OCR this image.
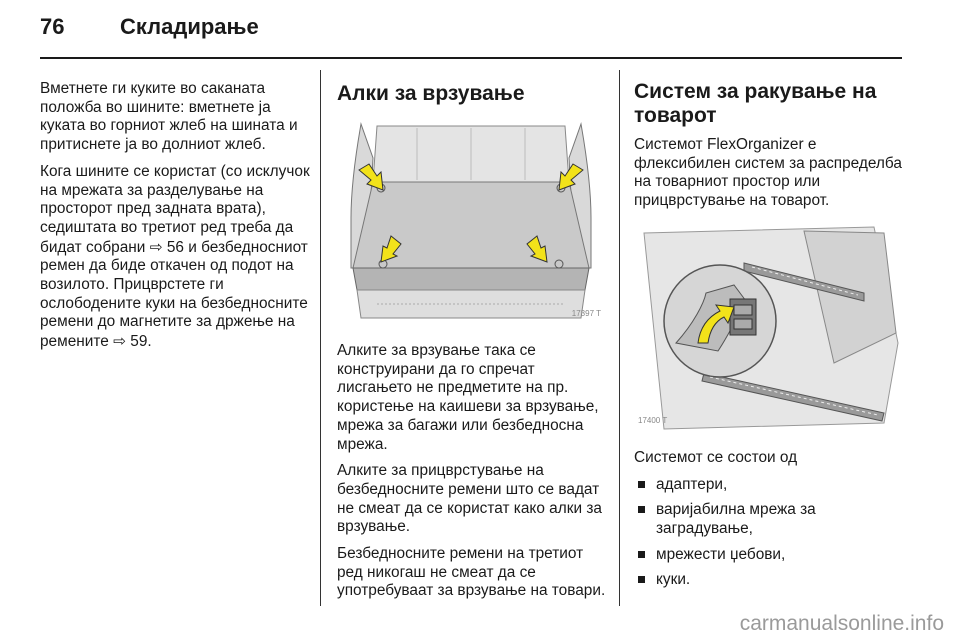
76	Складирање

Вметнете ги куките во саканата положба во шините: вметнете ја куката во горниот жлеб на шината и притиснете ја во долниот жлеб.

Кога шините се користат (со исклучок на мрежата за разделување на просторот пред задната врата), седиштата во третиот ред треба да бидат собрани ⇨ 56 и безбедносниот ремен да биде откачен од подот на возилото. Прицврстете ги ослободените куки на безбедносните ремени до магнетите за држење на ремените ⇨ 59.

Алки за врзување
17397 T

Алките за врзување така се конструирани да го спречат лисгањето не предметите на пр. користење на каишеви за врзување, мрежа за багажи или безбедносна мрежа.

Алките за прицврстување на безбедносните ремени што се вадат не смеат да се користат како алки за врзување.

Безбедносните ремени на третиот ред никогаш не смеат да се употребуваат за врзување на товари.

Систем за ракување на товарот

Системот FlexOrganizer е флексибилен систем за распределба на товарниот простор или прицврстување на товарот.

17400 T

Системот се состои од

адаптери,
варијабилна мрежа за заградување,
мрежести џебови,
куки.
carmanualsonline.info
